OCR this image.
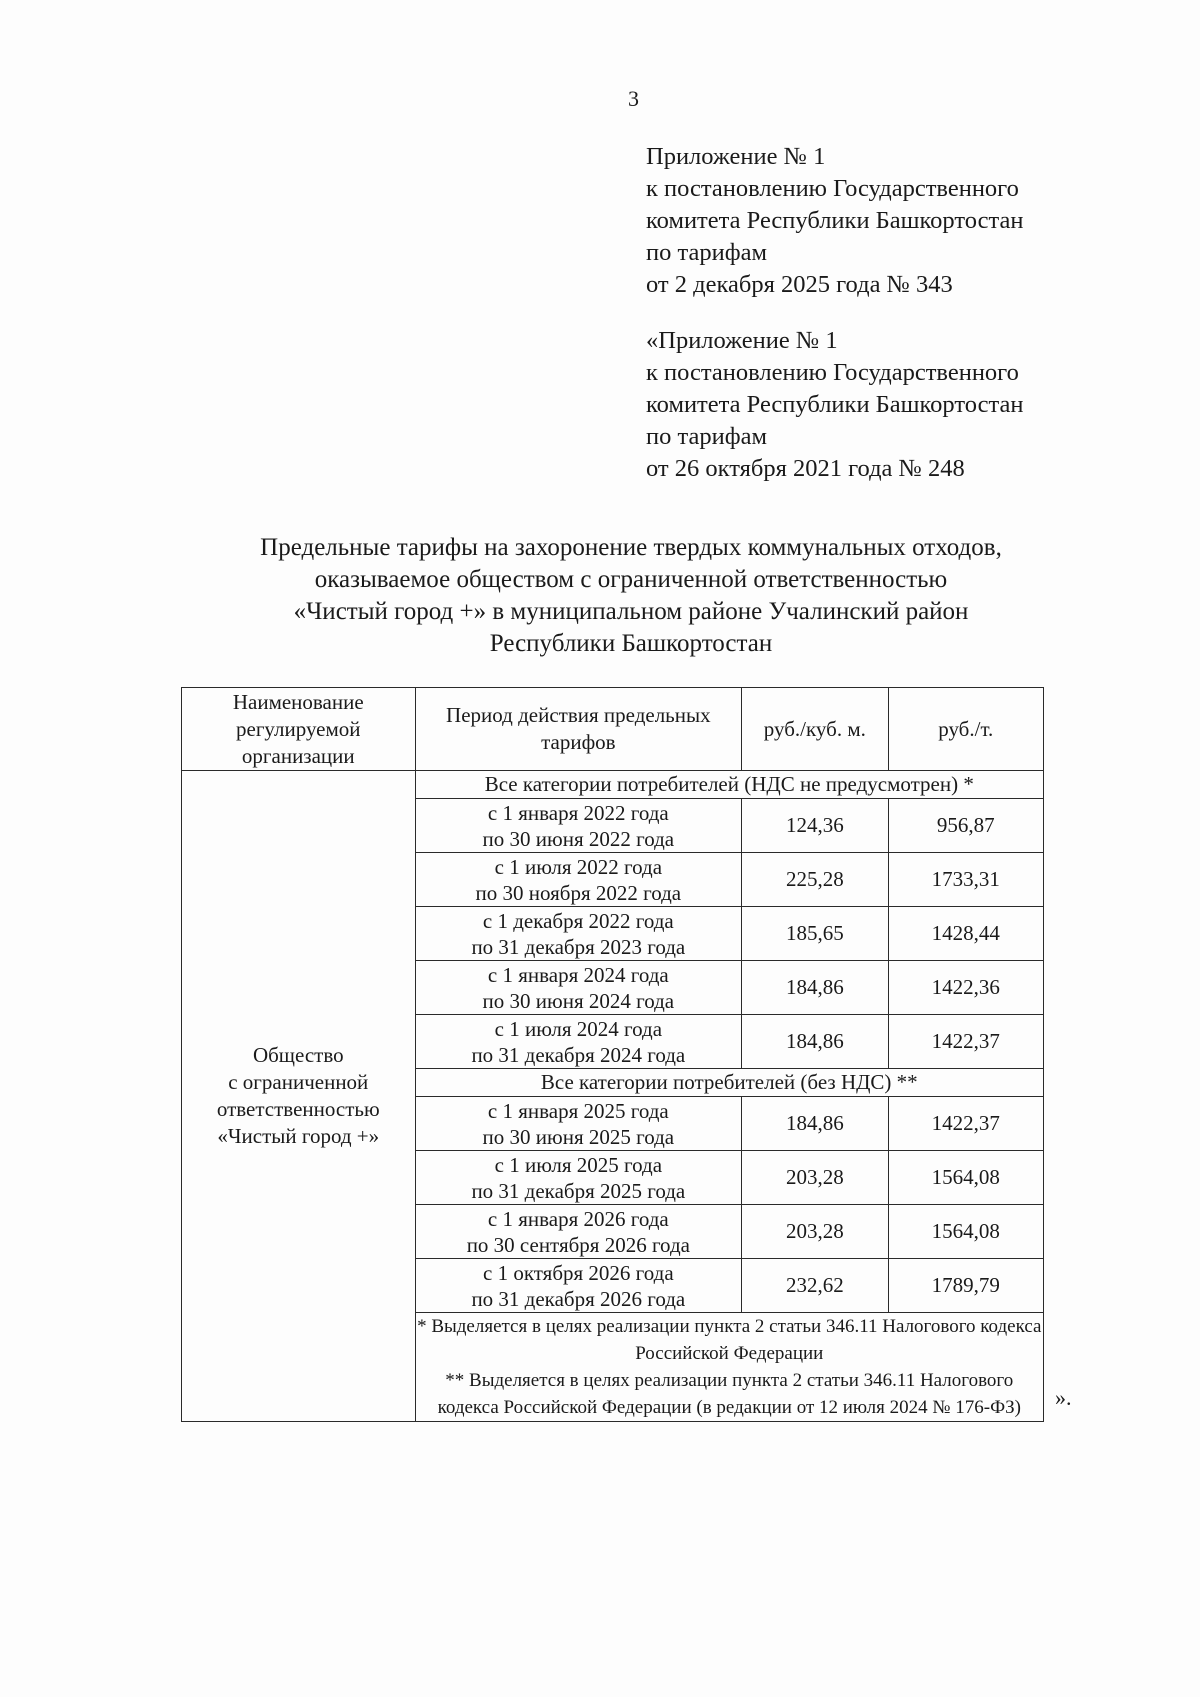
3
Приложение № 1
к постановлению Государственного
комитета Республики Башкортостан
по тарифам
от 2 декабря 2025 года № 343
«Приложение № 1
к постановлению Государственного
комитета Республики Башкортостан
по тарифам
от 26 октября 2021 года № 248
Предельные тарифы на захоронение твердых коммунальных отходов,
оказываемое обществом с ограниченной ответственностью
«Чистый город +» в муниципальном районе Учалинский район
Республики Башкортостан
Наименование
регулируемой
организации	Период действия предельных
тарифов	руб./куб. м.	руб./т.

Общество
с ограниченной
ответственностью
«Чистый город +»	Все категории потребителей (НДС не предусмотрен) *		

	с 1 января 2022 года
по 30 июня 2022 года	124,36	956,87

	с 1 июля 2022 года
по 30 ноября 2022 года	225,28	1733,31

	с 1 декабря 2022 года
по 31 декабря 2023 года	185,65	1428,44

	с 1 января 2024 года
по 30 июня 2024 года	184,86	1422,36

	с 1 июля 2024 года
по 31 декабря 2024 года	184,86	1422,37
	Все категории потребителей (без НДС) **		

	с 1 января 2025 года
по 30 июня 2025 года	184,86	1422,37

	с 1 июля 2025 года
по 31 декабря 2025 года	203,28	1564,08

	с 1 января 2026 года
по 30 сентября 2026 года	203,28	1564,08

	с 1 октября 2026 года
по 31 декабря 2026 года	232,62	1789,79

	* Выделяется в целях реализации пункта 2 статьи 346.11 Налогового кодекса Российской Федерации
** Выделяется в целях реализации пункта 2 статьи 346.11 Налогового кодекса Российской Федерации (в редакции от 12 июля 2024 № 176-ФЗ)			».
